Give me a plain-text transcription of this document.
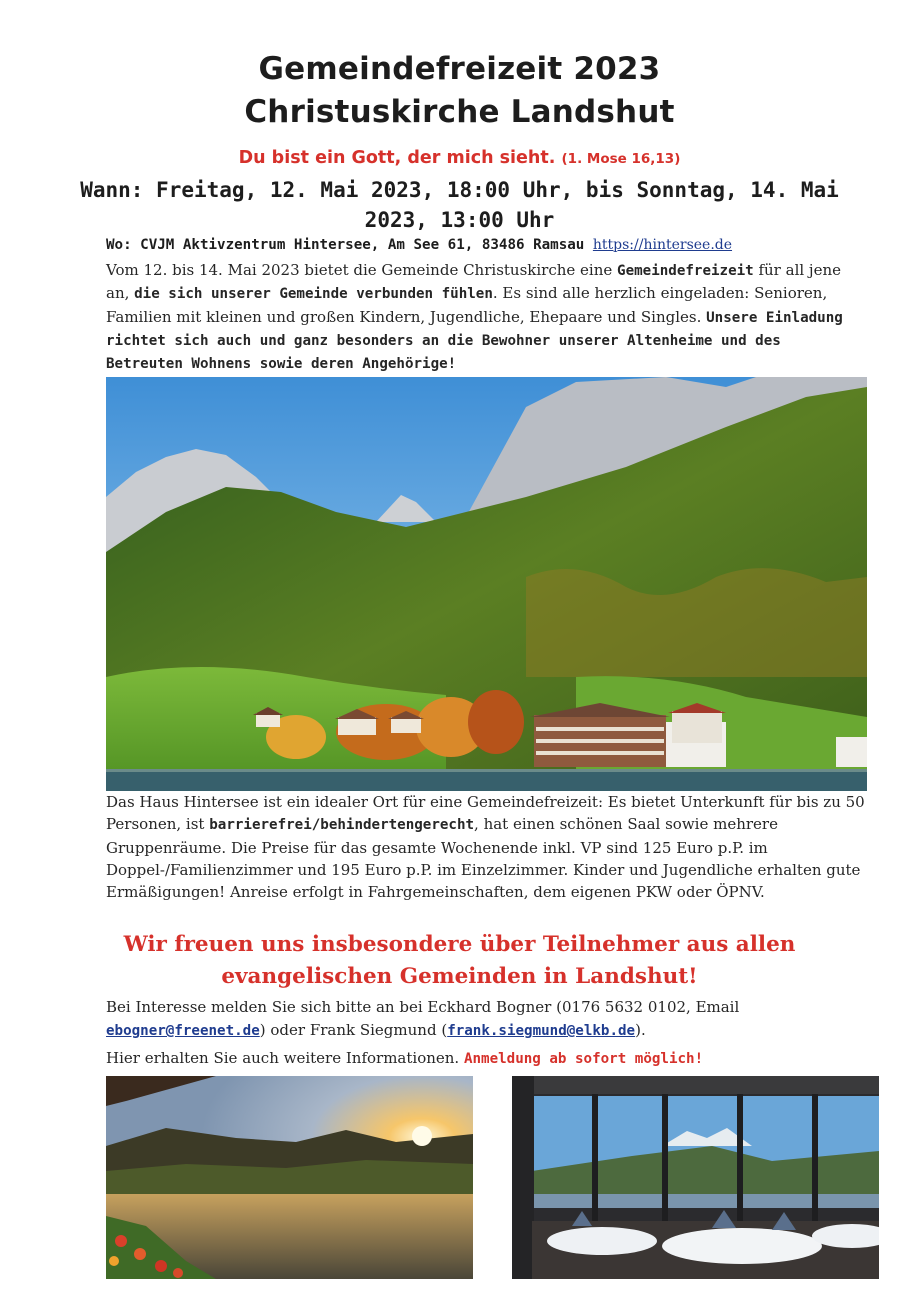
Gemeindefreizeit 2023
Christuskirche Landshut
Du bist ein Gott, der mich sieht. (1. Mose 16,13)
Wann: Freitag, 12. Mai 2023, 18:00 Uhr, bis Sonntag, 14. Mai 2023, 13:00 Uhr
Wo: CVJM Aktivzentrum Hintersee, Am See 61, 83486 Ramsau https://hintersee.de
Vom 12. bis 14. Mai 2023 bietet die Gemeinde Christuskirche eine Gemeindefreizeit für all jene an, die sich unserer Gemeinde verbunden fühlen. Es sind alle herzlich eingeladen: Senioren, Familien mit kleinen und großen Kindern, Jugendliche, Ehepaare und Singles. Unsere Einladung richtet sich auch und ganz besonders an die Bewohner unserer Altenheime und des Betreuten Wohnens sowie deren Angehörige!
Das Haus Hintersee ist ein idealer Ort für eine Gemeindefreizeit: Es bietet Unterkunft für bis zu 50 Personen, ist barrierefrei/behindertengerecht, hat einen schönen Saal sowie mehrere Gruppenräume. Die Preise für das gesamte Wochenende inkl. VP sind 125 Euro p.P. im Doppel-/Familienzimmer und 195 Euro p.P. im Einzelzimmer. Kinder und Jugendliche erhalten gute Ermäßigungen! Anreise erfolgt in Fahrgemeinschaften, dem eigenen PKW oder ÖPNV.
Wir freuen uns insbesondere über Teilnehmer aus allen
evangelischen Gemeinden in Landshut!
Bei Interesse melden Sie sich bitte an bei Eckhard Bogner (0176 5632 0102, Email ebogner@freenet.de) oder Frank Siegmund (frank.siegmund@elkb.de).
Hier erhalten Sie auch weitere Informationen. Anmeldung ab sofort möglich!
